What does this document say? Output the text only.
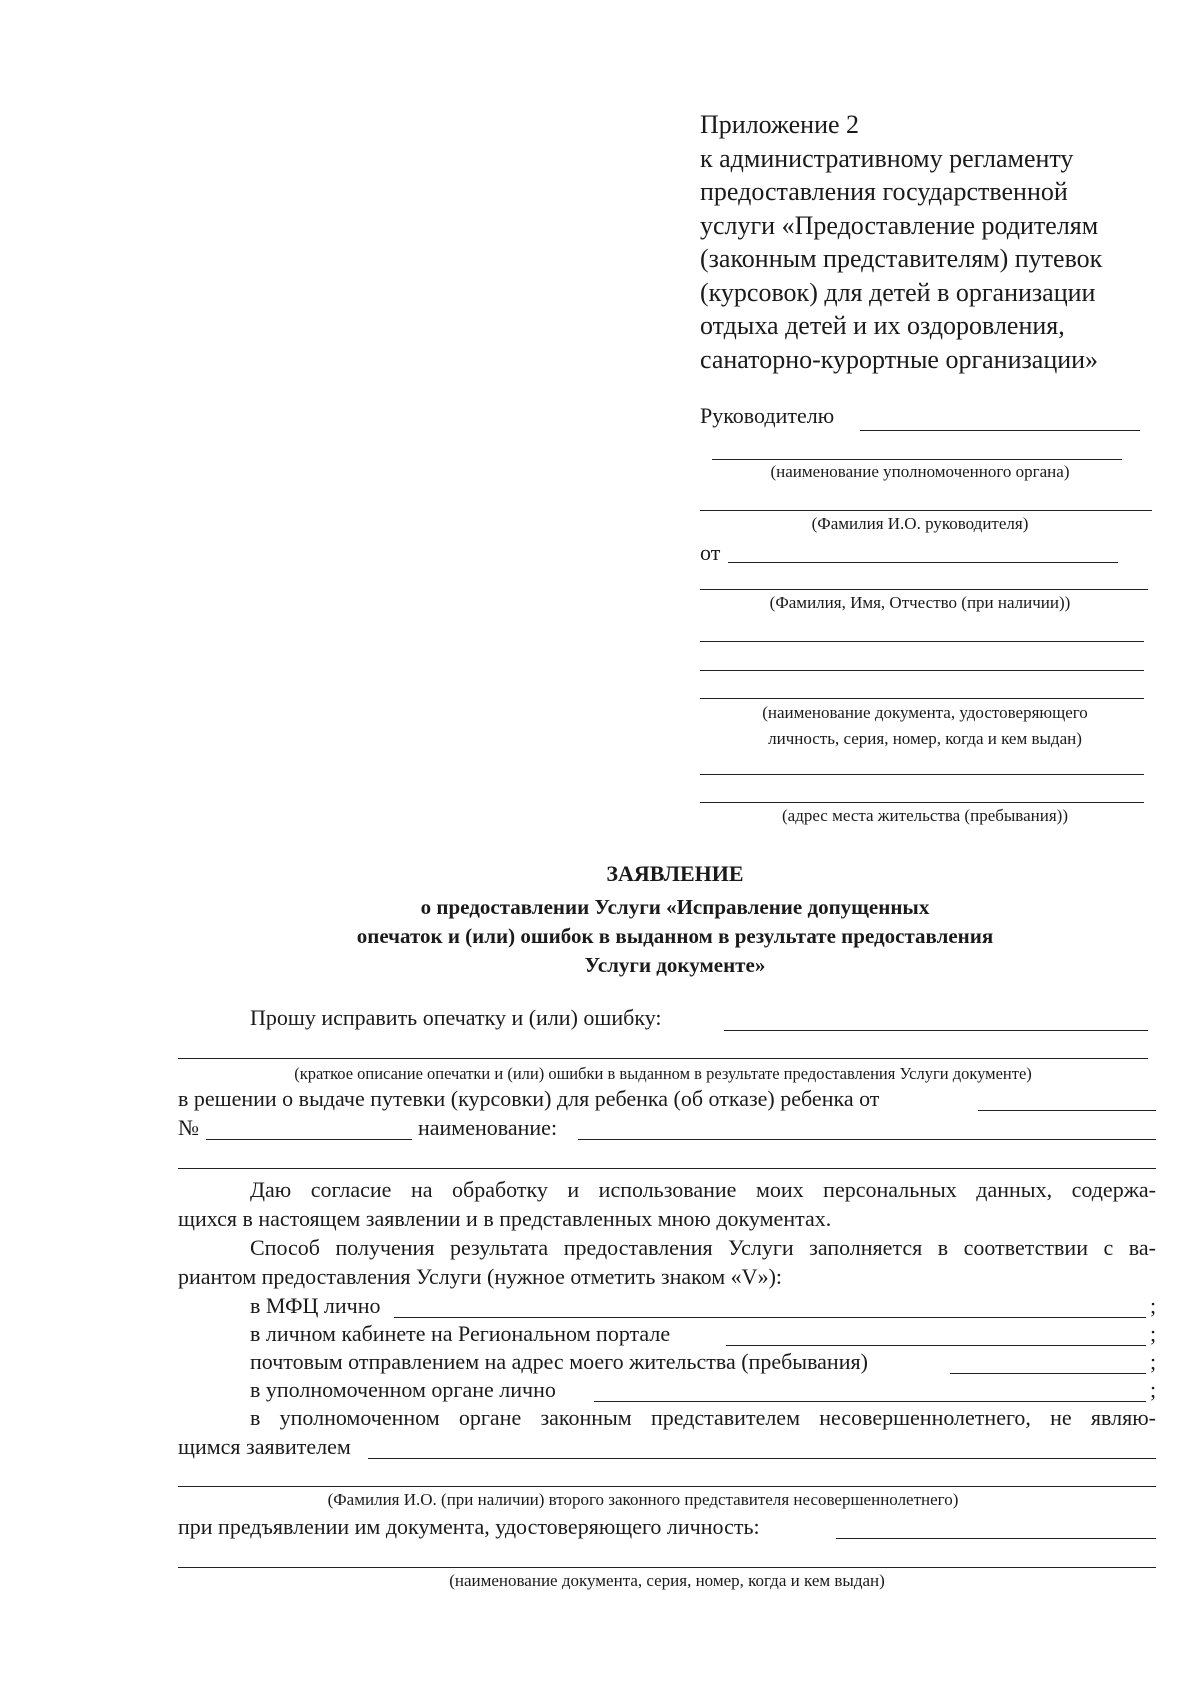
Приложение 2
к административному регламенту
предоставления государственной
услуги «Предоставление родителям
(законным представителям) путевок
(курсовок) для детей в организации
отдыха детей и их оздоровления,
санаторно-курортные организации»
Руководителю
(наименование уполномоченного органа)
(Фамилия И.О. руководителя)
от
(Фамилия, Имя, Отчество (при наличии))
(наименование документа, удостоверяющего
личность, серия, номер, когда и кем выдан)
(адрес места жительства (пребывания))
ЗАЯВЛЕНИЕ
о предоставлении Услуги «Исправление допущенных
опечаток и (или) ошибок в выданном в результате предоставления
Услуги документе»
Прошу исправить опечатку и (или) ошибку:
(краткое описание опечатки и (или) ошибки в выданном в результате предоставления Услуги документе)
в решении о выдаче путевки (курсовки) для ребенка (об отказе) ребенка от
№	наименование:
Даю согласие на обработку и использование моих персональных данных, содержа-
щихся в настоящем заявлении и в представленных мною документах.
Способ получения результата предоставления Услуги заполняется в соответствии с ва-
риантом предоставления Услуги (нужное отметить знаком «V»):
в МФЦ лично	;
в личном кабинете на Региональном портале	;
почтовым отправлением на адрес моего жительства (пребывания)	;
в уполномоченном органе лично	;
в уполномоченном органе законным представителем несовершеннолетнего, не являю-
щимся заявителем
(Фамилия И.О. (при наличии) второго законного представителя несовершеннолетнего)
при предъявлении им документа, удостоверяющего личность:
(наименование документа, серия, номер, когда и кем выдан)
